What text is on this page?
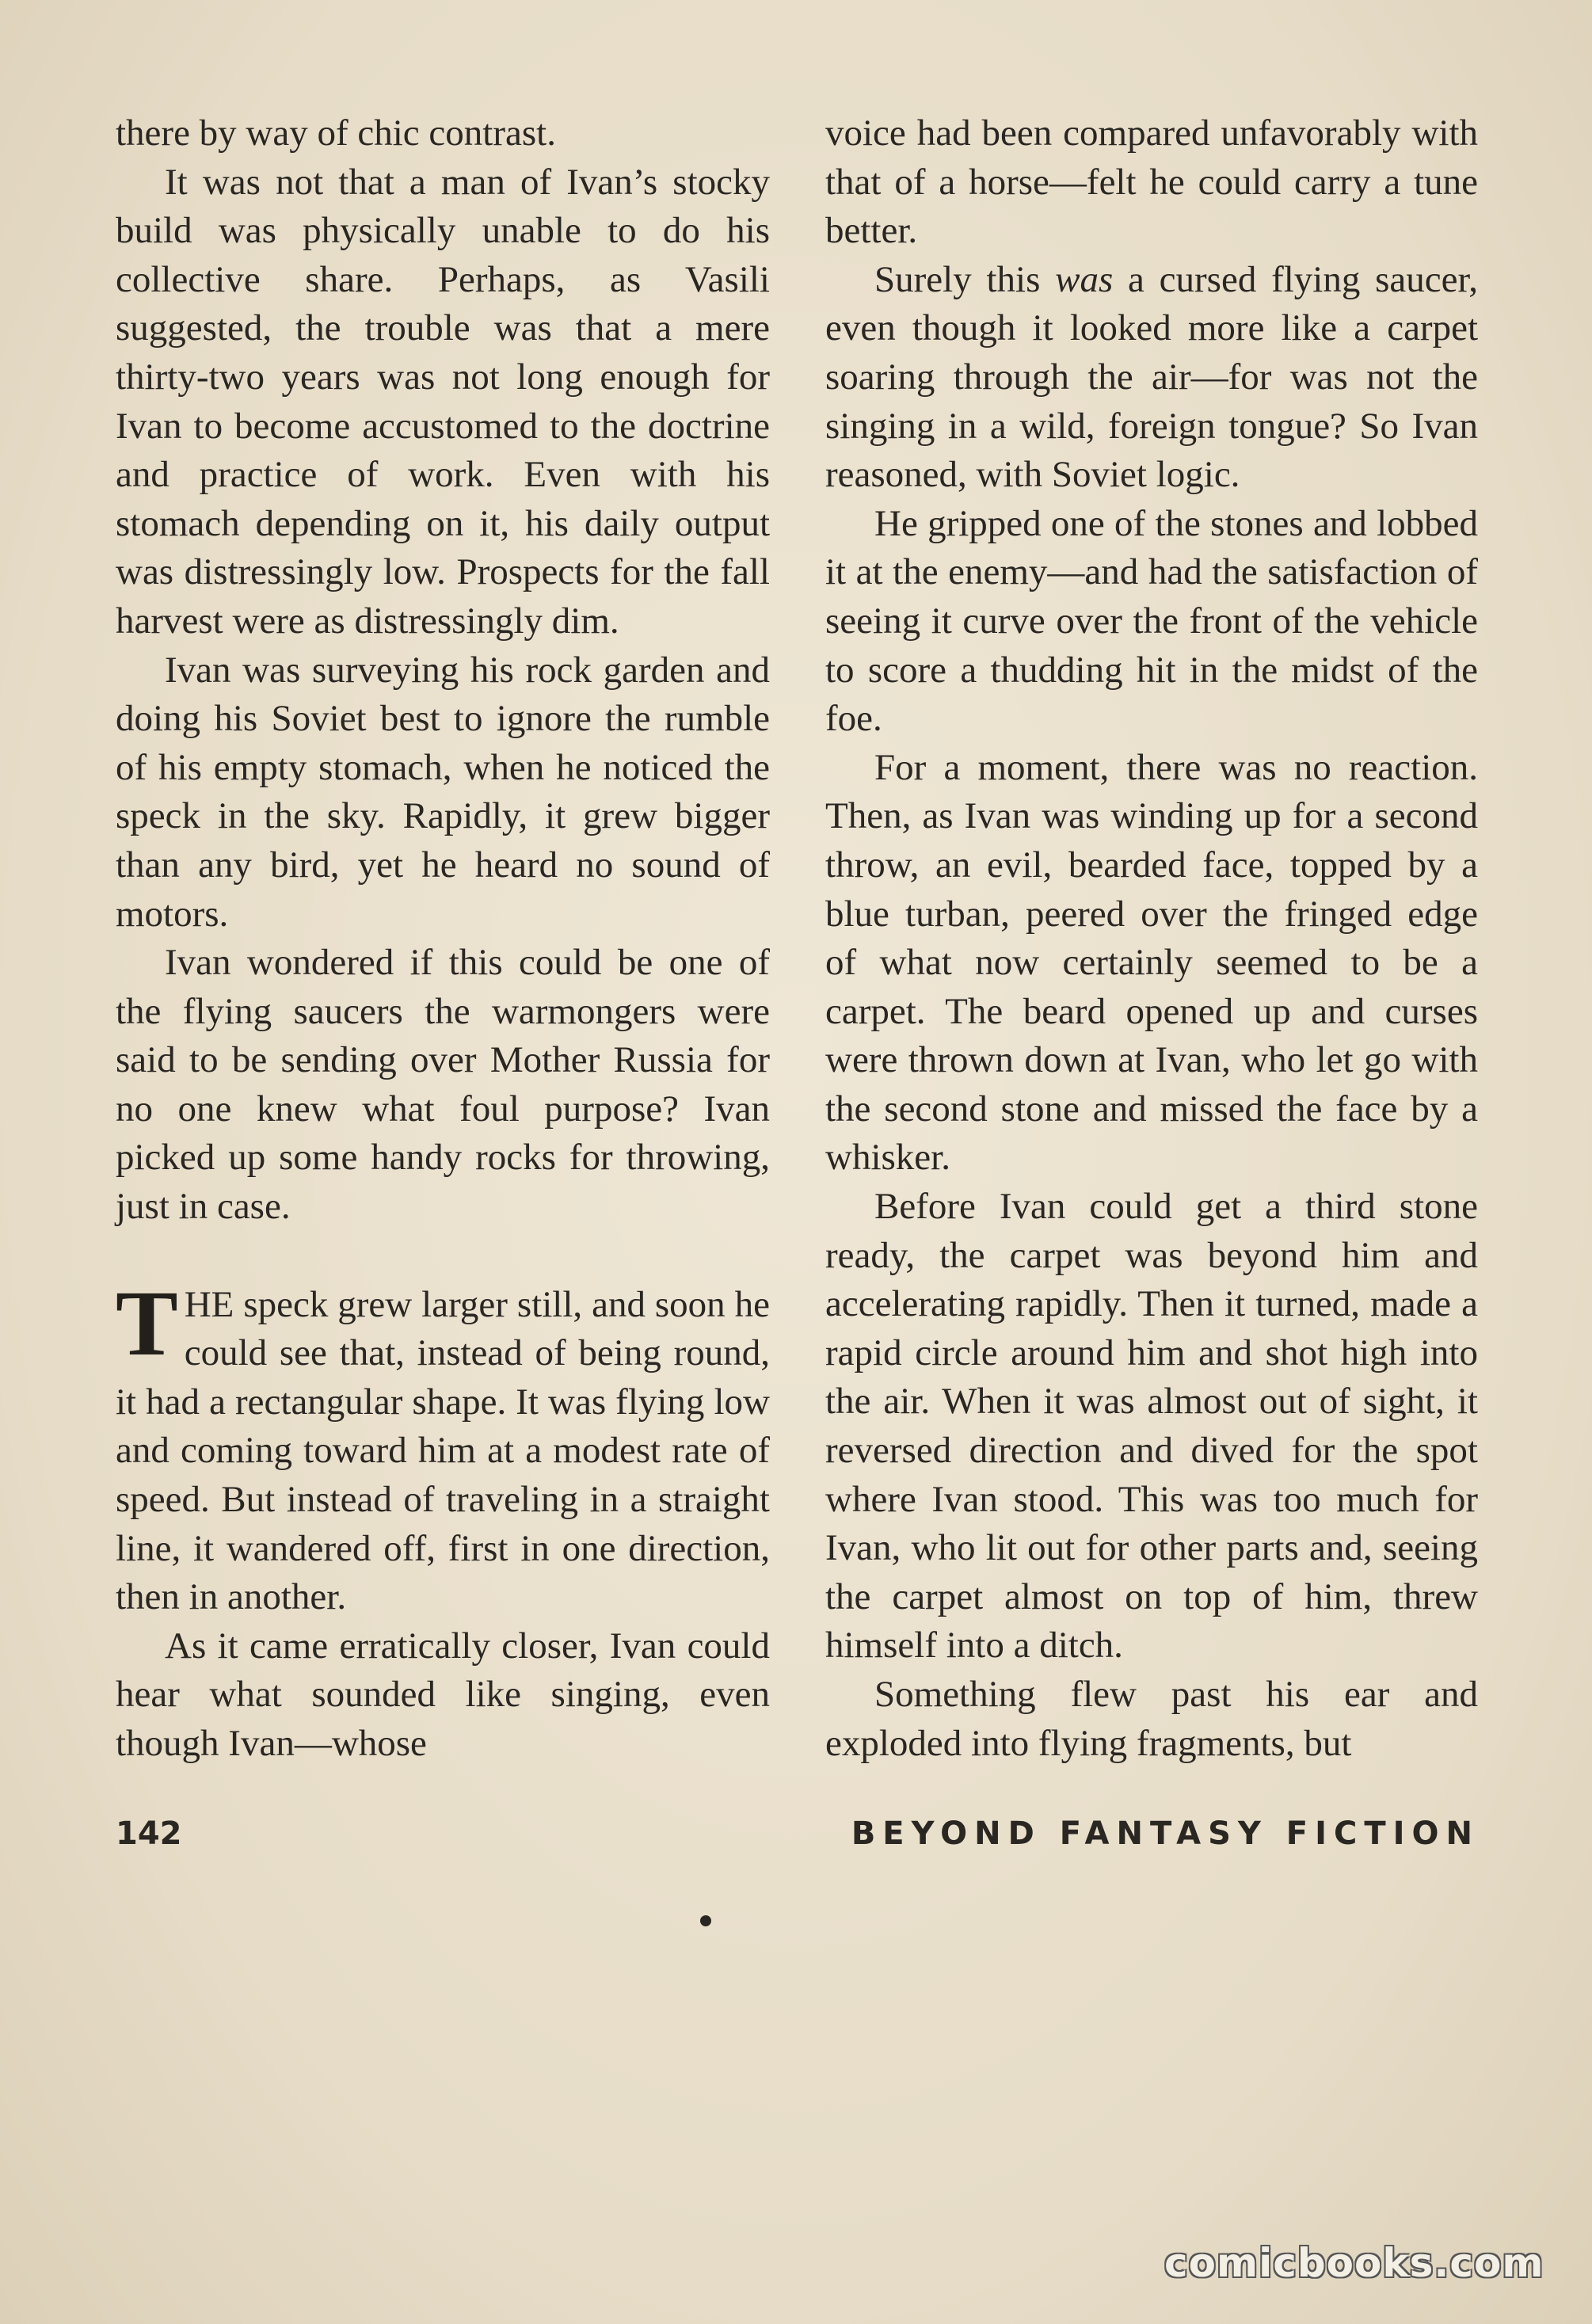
there by way of chic contrast.

It was not that a man of Ivan’s stocky build was physically unable to do his collective share. Perhaps, as Vasili suggested, the trouble was that a mere thirty-two years was not long enough for Ivan to become accustomed to the doctrine and practice of work. Even with his stomach depending on it, his daily output was distressingly low. Prospects for the fall harvest were as distressingly dim.

Ivan was surveying his rock garden and doing his Soviet best to ignore the rumble of his empty stomach, when he noticed the speck in the sky. Rapidly, it grew bigger than any bird, yet he heard no sound of motors.

Ivan wondered if this could be one of the flying saucers the warmongers were said to be sending over Mother Russia for no one knew what foul purpose? Ivan picked up some handy rocks for throwing, just in case.

THE speck grew larger still, and soon he could see that, instead of being round, it had a rectangular shape. It was flying low and coming toward him at a modest rate of speed. But instead of traveling in a straight line, it wandered off, first in one direction, then in another.

As it came erratically closer, Ivan could hear what sounded like singing, even though Ivan—whose

voice had been compared unfavorably with that of a horse—felt he could carry a tune better.

Surely this was a cursed flying saucer, even though it looked more like a carpet soaring through the air—for was not the singing in a wild, foreign tongue? So Ivan reasoned, with Soviet logic.

He gripped one of the stones and lobbed it at the enemy—and had the satisfaction of seeing it curve over the front of the vehicle to score a thudding hit in the midst of the foe.

For a moment, there was no reaction. Then, as Ivan was winding up for a second throw, an evil, bearded face, topped by a blue turban, peered over the fringed edge of what now certainly seemed to be a carpet. The beard opened up and curses were thrown down at Ivan, who let go with the second stone and missed the face by a whisker.

Before Ivan could get a third stone ready, the carpet was beyond him and accelerating rapidly. Then it turned, made a rapid circle around him and shot high into the air. When it was almost out of sight, it reversed direction and dived for the spot where Ivan stood. This was too much for Ivan, who lit out for other parts and, seeing the carpet almost on top of him, threw himself into a ditch.

Something flew past his ear and exploded into flying fragments, but

142	BEYOND FANTASY FICTION
comicbooks.com
